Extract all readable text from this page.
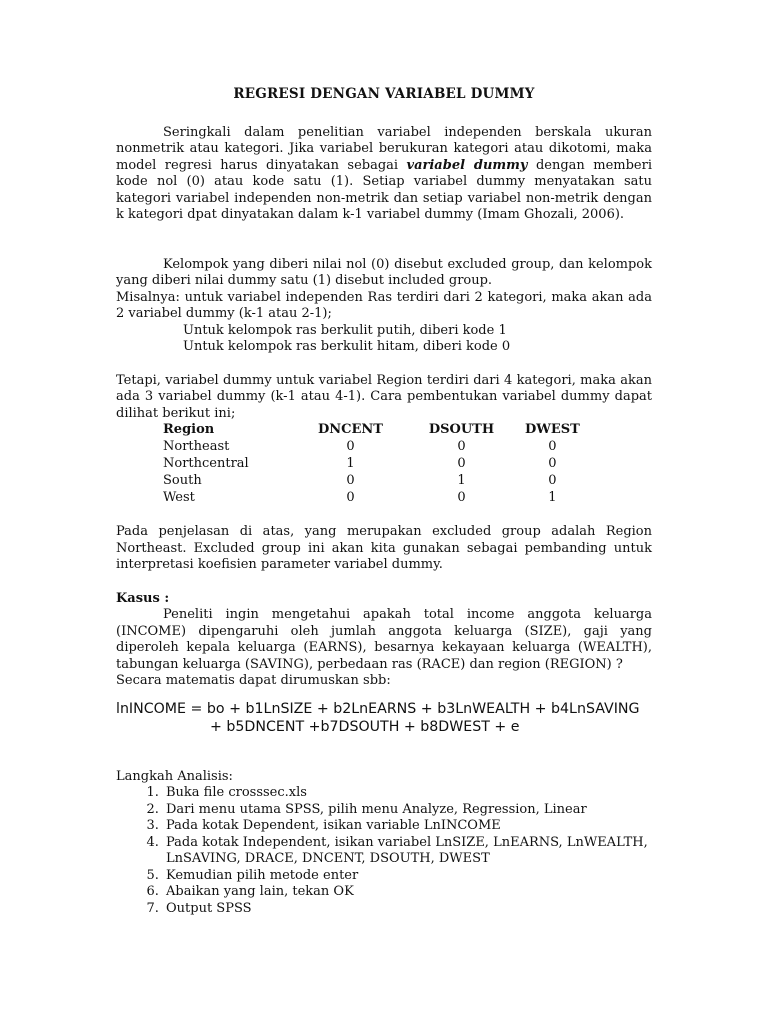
REGRESI DENGAN VARIABEL DUMMY

Seringkali dalam penelitian variabel independen berskala ukuran nonmetrik atau kategori. Jika variabel berukuran kategori atau dikotomi, maka model regresi harus dinyatakan sebagai variabel dummy dengan memberi kode nol (0) atau kode satu (1). Setiap variabel dummy menyatakan satu kategori variabel independen non-metrik dan setiap variabel non-metrik dengan k kategori dpat dinyatakan dalam k-1 variabel dummy (Imam Ghozali, 2006).

Kelompok yang diberi nilai nol (0) disebut excluded group, dan kelompok yang diberi nilai dummy satu (1) disebut included group.

Misalnya: untuk variabel independen Ras terdiri dari 2 kategori, maka akan ada 2 variabel dummy (k-1 atau 2-1);

Untuk kelompok ras berkulit putih, diberi kode 1
Untuk kelompok ras berkulit hitam, diberi kode 0

Tetapi, variabel dummy untuk variabel Region terdiri dari 4 kategori, maka akan ada 3 variabel dummy (k-1 atau 4-1). Cara pembentukan variabel dummy dapat dilihat berikut ini;

Region	DNCENT	DSOUTH	DWEST
Northeast	0	0	0
Northcentral	1	0	0
South	0	1	0
West	0	0	1

Pada penjelasan di atas, yang merupakan excluded group adalah Region Northeast. Excluded group ini akan kita gunakan sebagai pembanding untuk interpretasi koefisien parameter variabel dummy.

Kasus :

Peneliti ingin mengetahui apakah total income anggota keluarga (INCOME) dipengaruhi oleh jumlah anggota keluarga (SIZE), gaji yang diperoleh kepala keluarga (EARNS), besarnya kekayaan keluarga (WEALTH), tabungan keluarga (SAVING), perbedaan ras (RACE) dan region (REGION) ?

Secara matematis dapat dirumuskan sbb:
lnINCOME = bo + b1LnSIZE + b2LnEARNS + b3LnWEALTH + b4LnSAVING
+ b5DNCENT +b7DSOUTH + b8DWEST + e
Langkah Analisis:
1. Buka file crosssec.xls
2. Dari menu utama SPSS, pilih menu Analyze, Regression, Linear
3. Pada kotak Dependent, isikan variable LnINCOME
4. Pada kotak Independent, isikan variabel LnSIZE, LnEARNS, LnWEALTH, LnSAVING, DRACE, DNCENT, DSOUTH, DWEST
5. Kemudian pilih metode enter
6. Abaikan yang lain, tekan OK
7. Output SPSS
